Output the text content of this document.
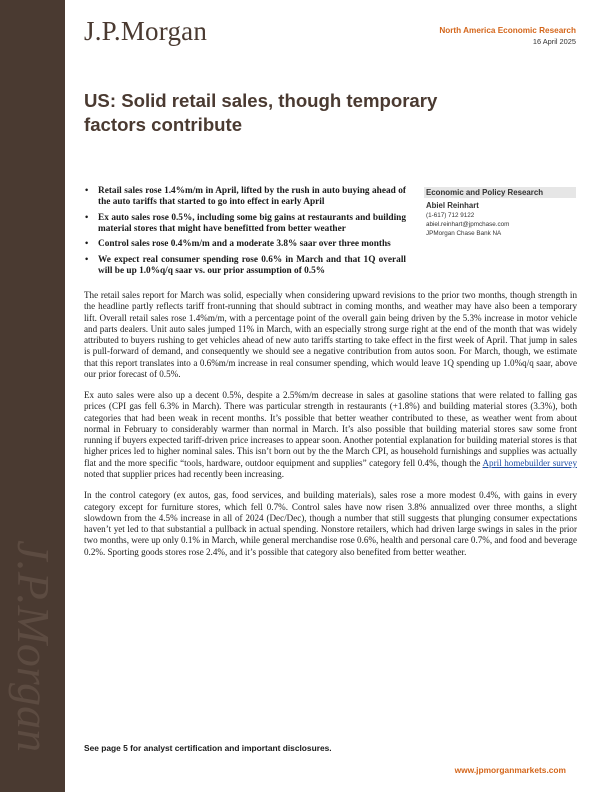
J.P.Morgan
J.P.Morgan	North America Economic Research
16 April 2025
US: Solid retail sales, though temporary factors contribute
• Retail sales rose 1.4%m/m in April, lifted by the rush in auto buying ahead of the auto tariffs that started to go into effect in early April
• Ex auto sales rose 0.5%, including some big gains at restaurants and building material stores that might have benefitted from better weather
• Control sales rose 0.4%m/m and a moderate 3.8% saar over three months
• We expect real consumer spending rose 0.6% in March and that 1Q overall will be up 1.0%q/q saar vs. our prior assumption of 0.5%
Economic and Policy Research
Abiel Reinhart
(1-617) 712 9122
abiel.reinhart@jpmchase.com
JPMorgan Chase Bank NA

The retail sales report for March was solid, especially when considering upward revisions to the prior two months, though strength in the headline partly reflects tariff front-running that should subtract in coming months, and weather may have also been a temporary lift. Overall retail sales rose 1.4%m/m, with a percentage point of the overall gain being driven by the 5.3% increase in motor vehicle and parts dealers. Unit auto sales jumped 11% in March, with an especially strong surge right at the end of the month that was widely attributed to buyers rushing to get vehicles ahead of new auto tariffs starting to take effect in the first week of April. That jump in sales is pull-forward of demand, and consequently we should see a negative contribution from autos soon. For March, though, we estimate that this report translates into a 0.6%m/m increase in real consumer spending, which would leave 1Q spending up 1.0%q/q saar, above our prior forecast of 0.5%.

Ex auto sales were also up a decent 0.5%, despite a 2.5%m/m decrease in sales at gasoline stations that were related to falling gas prices (CPI gas fell 6.3% in March). There was particular strength in restaurants (+1.8%) and building material stores (3.3%), both categories that had been weak in recent months. It’s possible that better weather contributed to these, as weather went from about normal in February to considerably warmer than normal in March. It’s also possible that building material stores saw some front running if buyers expected tariff-driven price increases to appear soon. Another potential explanation for building material stores is that higher prices led to higher nominal sales. This isn’t born out by the the March CPI, as household furnishings and supplies was actually flat and the more specific “tools, hardware, outdoor equipment and supplies” category fell 0.4%, though the April homebuilder survey noted that supplier prices had recently been increasing.

In the control category (ex autos, gas, food services, and building materials), sales rose a more modest 0.4%, with gains in every category except for furniture stores, which fell 0.7%. Control sales have now risen 3.8% annualized over three months, a slight slowdown from the 4.5% increase in all of 2024 (Dec/Dec), though a number that still suggests that plunging consumer expectations haven’t yet led to that substantial a pullback in actual spending. Nonstore retailers, which had driven large swings in sales in the prior two months, were up only 0.1% in March, while general merchandise rose 0.6%, health and personal care 0.7%, and food and beverage 0.2%. Sporting goods stores rose 2.4%, and it’s possible that category also benefited from better weather.

See page 5 for analyst certification and important disclosures.
www.jpmorganmarkets.com
